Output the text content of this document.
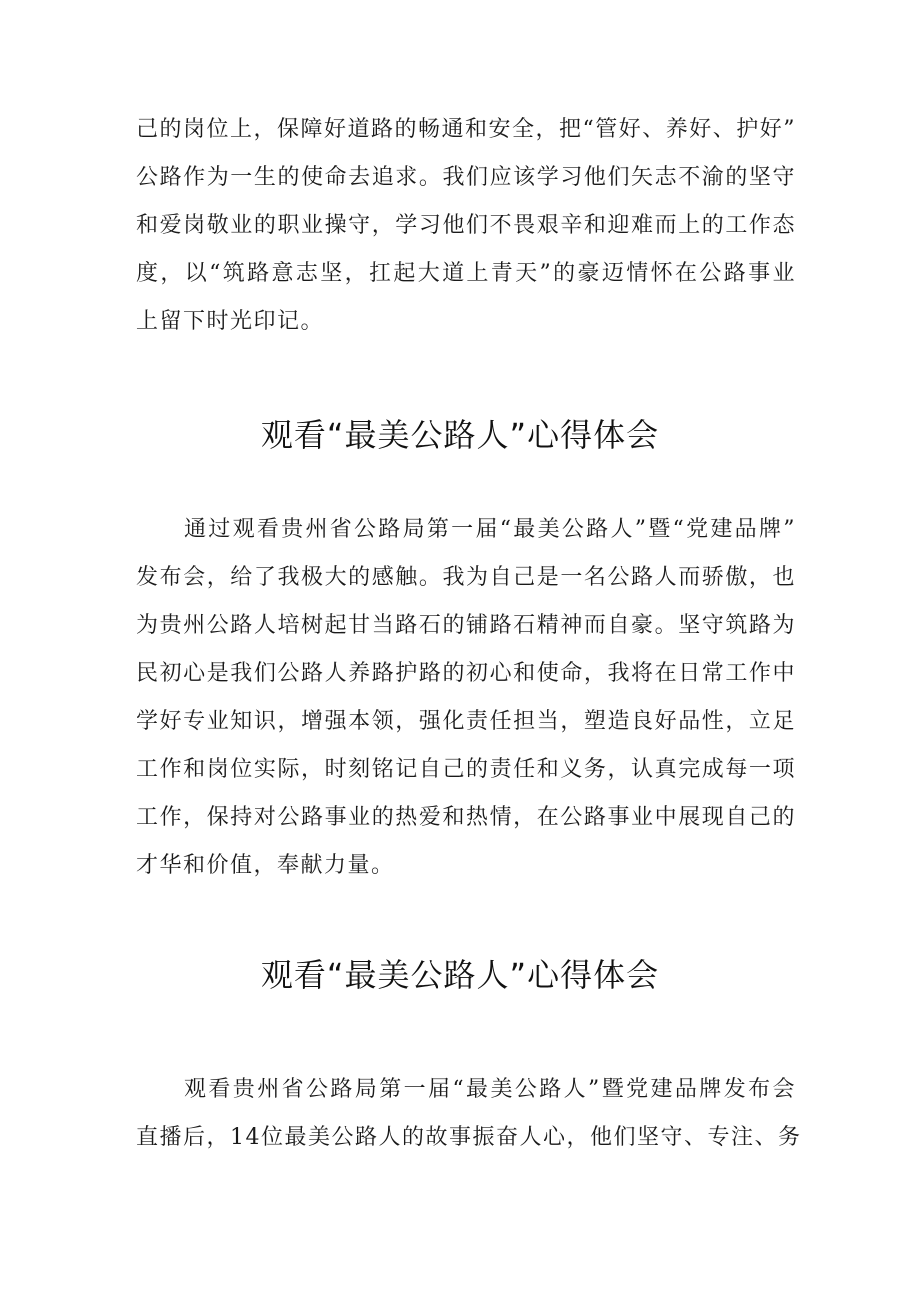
己的岗位上，保障好道路的畅通和安全，把“管好、养好、护好”
公路作为一生的使命去追求。我们应该学习他们矢志不渝的坚守
和爱岗敬业的职业操守，学习他们不畏艰辛和迎难而上的工作态
度，以“筑路意志坚，扛起大道上青天”的豪迈情怀在公路事业
上留下时光印记。
观看“最美公路人”心得体会
通过观看贵州省公路局第一届“最美公路人”暨“党建品牌”
发布会，给了我极大的感触。我为自己是一名公路人而骄傲，也
为贵州公路人培树起甘当路石的铺路石精神而自豪。坚守筑路为
民初心是我们公路人养路护路的初心和使命，我将在日常工作中
学好专业知识，增强本领，强化责任担当，塑造良好品性，立足
工作和岗位实际，时刻铭记自己的责任和义务，认真完成每一项
工作，保持对公路事业的热爱和热情，在公路事业中展现自己的
才华和价值，奉献力量。
观看“最美公路人”心得体会
观看贵州省公路局第一届“最美公路人”暨党建品牌发布会
直播后，14位最美公路人的故事振奋人心，他们坚守、专注、务
